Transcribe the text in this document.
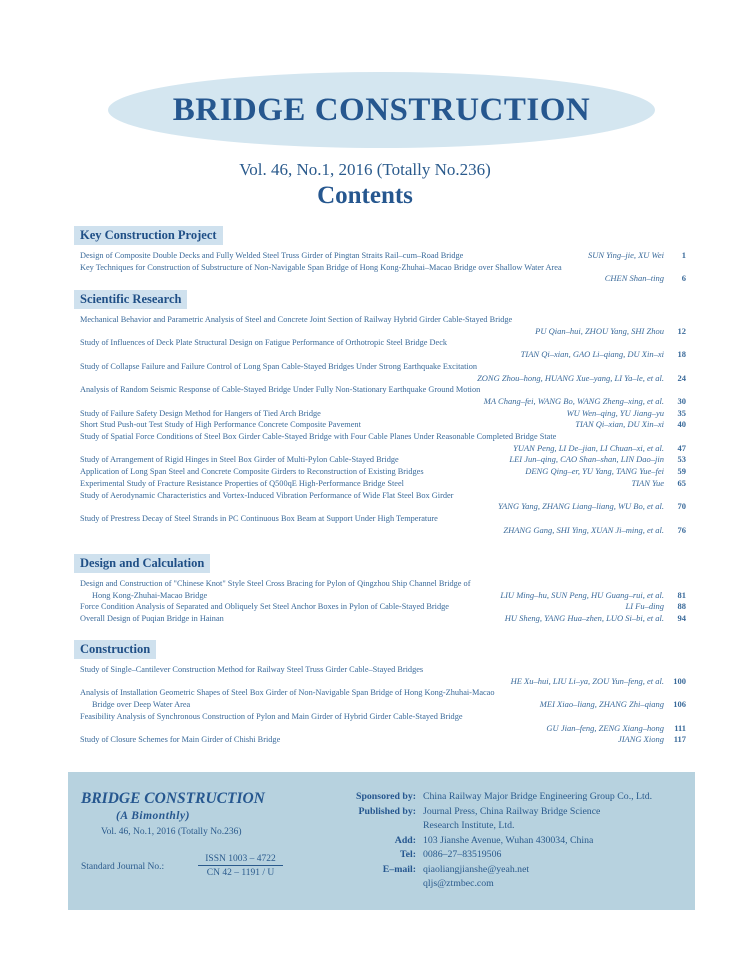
BRIDGE CONSTRUCTION
Vol. 46, No.1, 2016 (Totally No.236)
Contents
Key Construction Project
Design of Composite Double Decks and Fully Welded Steel Truss Girder of Pingtan Straits Rail–cum–Road Bridge	SUN Ying–jie, XU Wei	1
Key Techniques for Construction of Substructure of Non-Navigable Span Bridge of Hong Kong-Zhuhai–Macao Bridge over Shallow Water Area
CHEN Shan–ting	6
Scientific Research
Mechanical Behavior and Parametric Analysis of Steel and Concrete Joint Section of Railway Hybrid Girder Cable-Stayed Bridge
PU Qian–hui, ZHOU Yang, SHI Zhou	12
Study of Influences of Deck Plate Structural Design on Fatigue Performance of Orthotropic Steel Bridge Deck
TIAN Qi–xian, GAO Li–qiang, DU Xin–xi	18
Study of Collapse Failure and Failure Control of Long Span Cable-Stayed Bridges Under Strong Earthquake Excitation
ZONG Zhou–hong, HUANG Xue–yang, LI Ya–le, et al.	24
Analysis of Random Seismic Response of Cable-Stayed Bridge Under Fully Non-Stationary Earthquake Ground Motion
MA Chang–fei, WANG Bo, WANG Zheng–xing, et al.	30
Study of Failure Safety Design Method for Hangers of Tied Arch Bridge	WU Wen–qing, YU Jiang–yu	35
Short Stud Push-out Test Study of High Performance Concrete Composite Pavement	TIAN Qi–xian, DU Xin–xi	40
Study of Spatial Force Conditions of Steel Box Girder Cable-Stayed Bridge with Four Cable Planes Under Reasonable Completed Bridge State
YUAN Peng, LI De–jian, LI Chuan–xi, et al.	47
Study of Arrangement of Rigid Hinges in Steel Box Girder of Multi-Pylon Cable-Stayed Bridge	LEI Jun–qing, CAO Shan–shan, LIN Dao–jin	53
Application of Long Span Steel and Concrete Composite Girders to Reconstruction of Existing Bridges	DENG Qing–er, YU Yang, TANG Yue–fei	59
Experimental Study of Fracture Resistance Properties of Q500qE High-Performance Bridge Steel	TIAN Yue	65
Study of Aerodynamic Characteristics and Vortex-Induced Vibration Performance of Wide Flat Steel Box Girder
YANG Yang, ZHANG Liang–liang, WU Bo, et al.	70
Study of Prestress Decay of Steel Strands in PC Continuous Box Beam at Support Under High Temperature
ZHANG Gang, SHI Ying, XUAN Ji–ming, et al.	76
Design and Calculation
Design and Construction of "Chinese Knot" Style Steel Cross Bracing for Pylon of Qingzhou Ship Channel Bridge of
Hong Kong-Zhuhai-Macao Bridge	LIU Ming–hu, SUN Peng, HU Guang–rui, et al.	81
Force Condition Analysis of Separated and Obliquely Set Steel Anchor Boxes in Pylon of Cable-Stayed Bridge	LI Fu–ding	88
Overall Design of Puqian Bridge in Hainan	HU Sheng, YANG Hua–zhen, LUO Si–bi, et al.	94
Construction
Study of Single–Cantilever Construction Method for Railway Steel Truss Girder Cable–Stayed Bridges
HE Xu–hui, LIU Li–ya, ZOU Yun–feng, et al.	100
Analysis of Installation Geometric Shapes of Steel Box Girder of Non-Navigable Span Bridge of Hong Kong-Zhuhai-Macao
Bridge over Deep Water Area	MEI Xiao–liang, ZHANG Zhi–qiang	106
Feasibility Analysis of Synchronous Construction of Pylon and Main Girder of Hybrid Girder Cable-Stayed Bridge
GU Jian–feng, ZENG Xiang–hong	111
Study of Closure Schemes for Main Girder of Chishi Bridge	JIANG Xiong	117
BRIDGE CONSTRUCTION
(A Bimonthly)
Vol. 46, No.1, 2016 (Totally No.236)
Standard Journal No.:
ISSN 1003 – 4722
CN 42 – 1191 / U
Sponsored by: China Railway Major Bridge Engineering Group Co., Ltd.
Published by: Journal Press, China Railway Bridge Science
Research Institute, Ltd.
Add: 103 Jianshe Avenue, Wuhan 430034, China
Tel: 0086–27–83519506
E–mail: qiaoliangjianshe@yeah.net
qljs@ztmbec.com
